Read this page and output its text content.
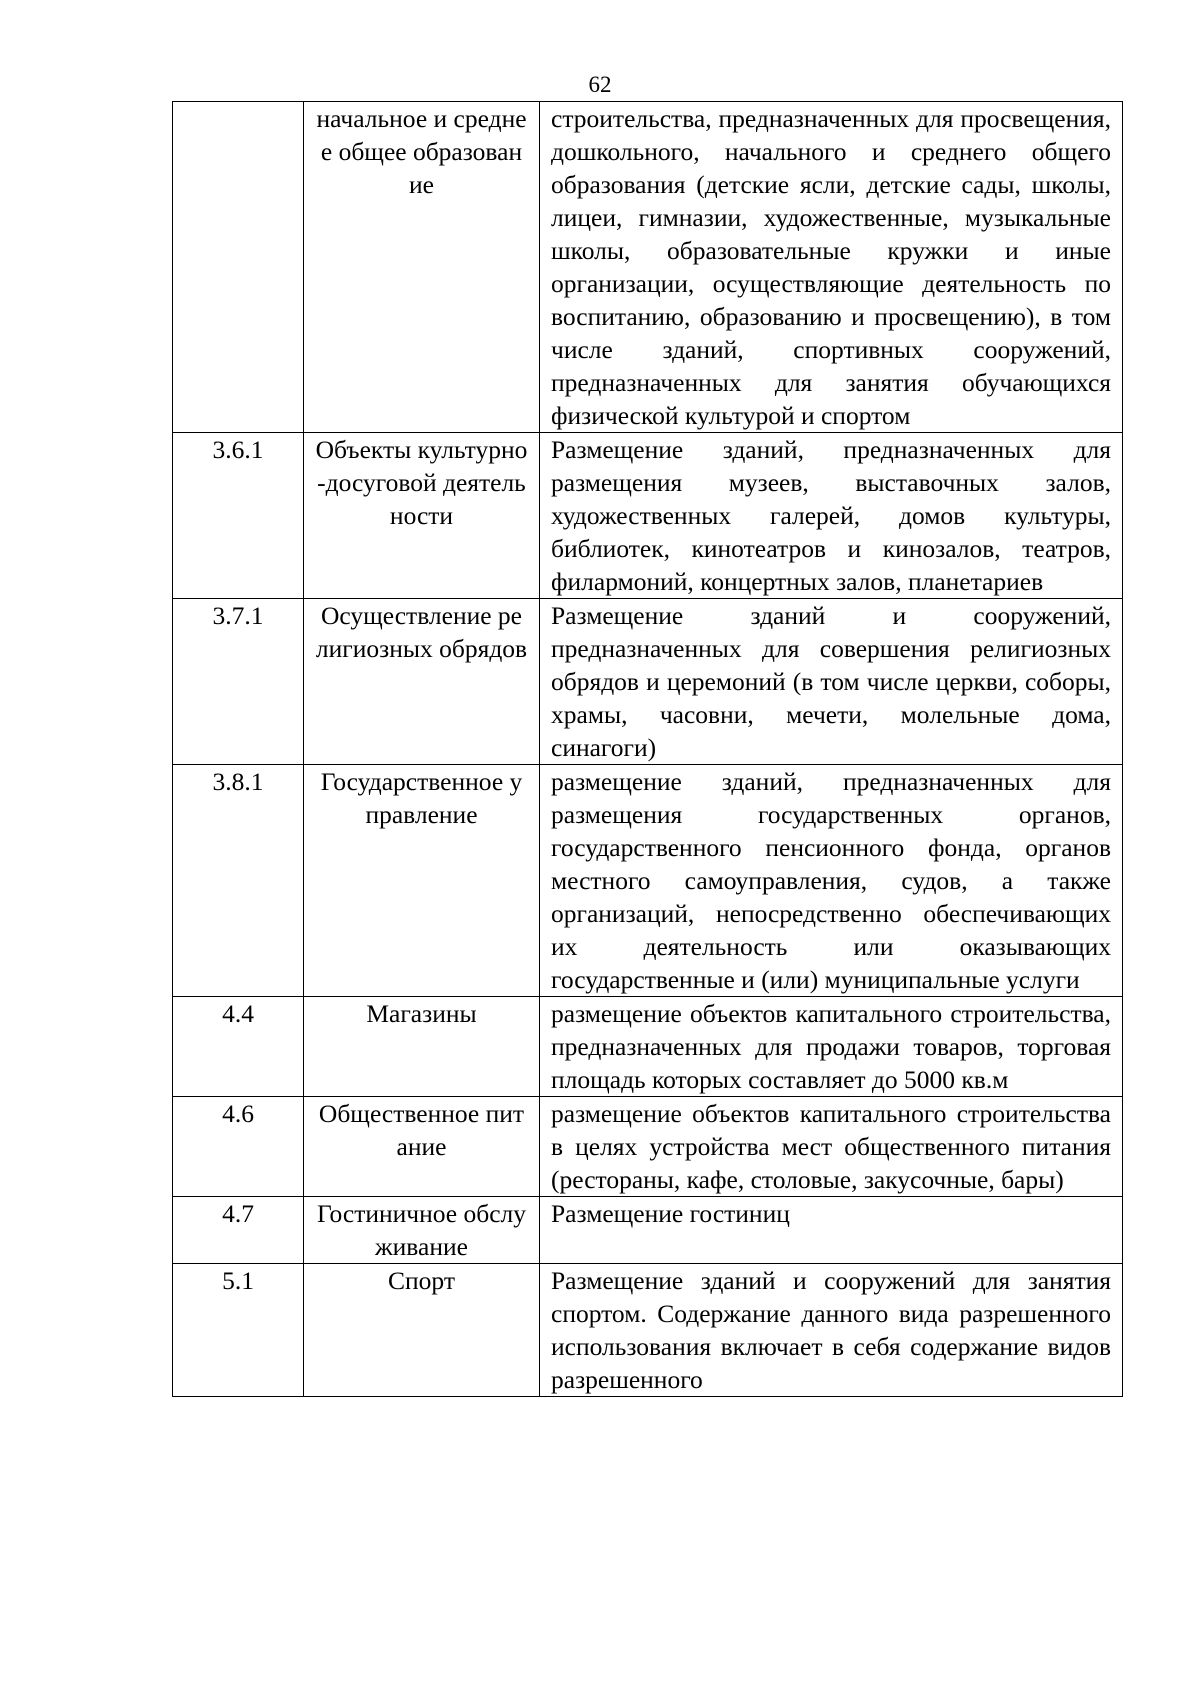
62
	начальное и среднее общее образование	строительства, предназначенных для просвещения, дошкольного, начального и среднего общего образования (детские ясли, детские сады, школы, лицеи, гимназии, художественные, музыкальные школы, образовательные кружки и иные организации, осуществляющие деятельность по воспитанию, образованию и просвещению), в том числе зданий, спортивных сооружений, предназначенных для занятия обучающихся физической культурой и спортом
3.6.1	Объекты культурно-досуговой деятельности	Размещение зданий, предназначенных для размещения музеев, выставочных залов, художественных галерей, домов культуры, библиотек, кинотеатров и кинозалов, театров, филармоний, концертных залов, планетариев
3.7.1	Осуществление религиозных обрядов	Размещение зданий и сооружений, предназначенных для совершения религиозных обрядов и церемоний (в том числе церкви, соборы, храмы, часовни, мечети, молельные дома, синагоги)
3.8.1	Государственное управление	размещение зданий, предназначенных для размещения государственных органов, государственного пенсионного фонда, органов местного самоуправления, судов, а также организаций, непосредственно обеспечивающих их деятельность или оказывающих государственные и (или) муниципальные услуги
4.4	Магазины	размещение объектов капитального строительства, предназначенных для продажи товаров, торговая площадь которых составляет до 5000 кв.м
4.6	Общественное питание	размещение объектов капитального строительства в целях устройства мест общественного питания (рестораны, кафе, столовые, закусочные, бары)
4.7	Гостиничное обслуживание	Размещение гостиниц
5.1	Спорт	Размещение зданий и сооружений для занятия спортом. Содержание данного вида разрешенного использования включает в себя содержание видов разрешенного
